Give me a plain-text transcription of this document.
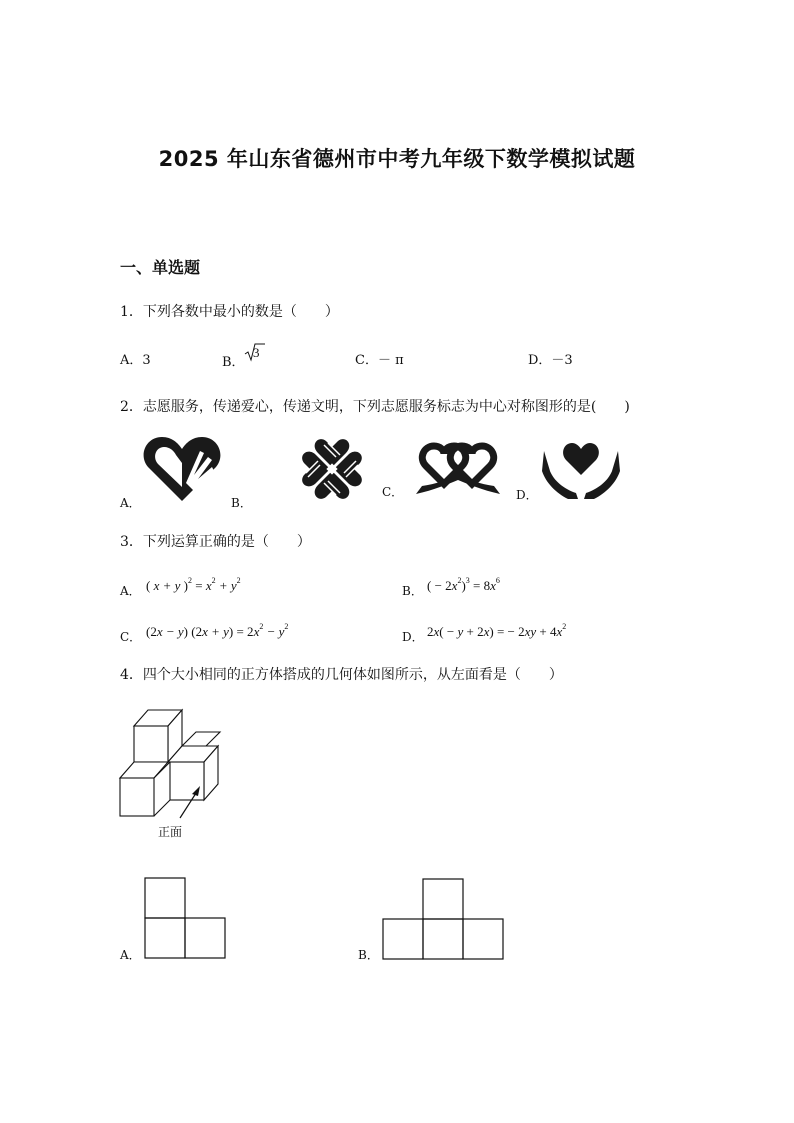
2025 年山东省德州市中考九年级下数学模拟试题
一、单选题
1．下列各数中最小的数是（　　）
A．3	B．
3
C．－ π	D．－3
2．志愿服务，传递爱心，传递文明，下列志愿服务标志为中心对称图形的是(　　)
A．	B．
C．	D．
3．下列运算正确的是（　　）
A． ( x + y )$^2 = x^2 + y^2$
B． ( − $2x^2)^3 = 8x^6$
C． (2x − y) $(2x + y) = 2x^2 - y^2$
D． 2x( − y + 2x) = − $2xy + 4x^2$
4．四个大小相同的正方体搭成的几何体如图所示，从左面看是（　　）
正面
A．	B．
